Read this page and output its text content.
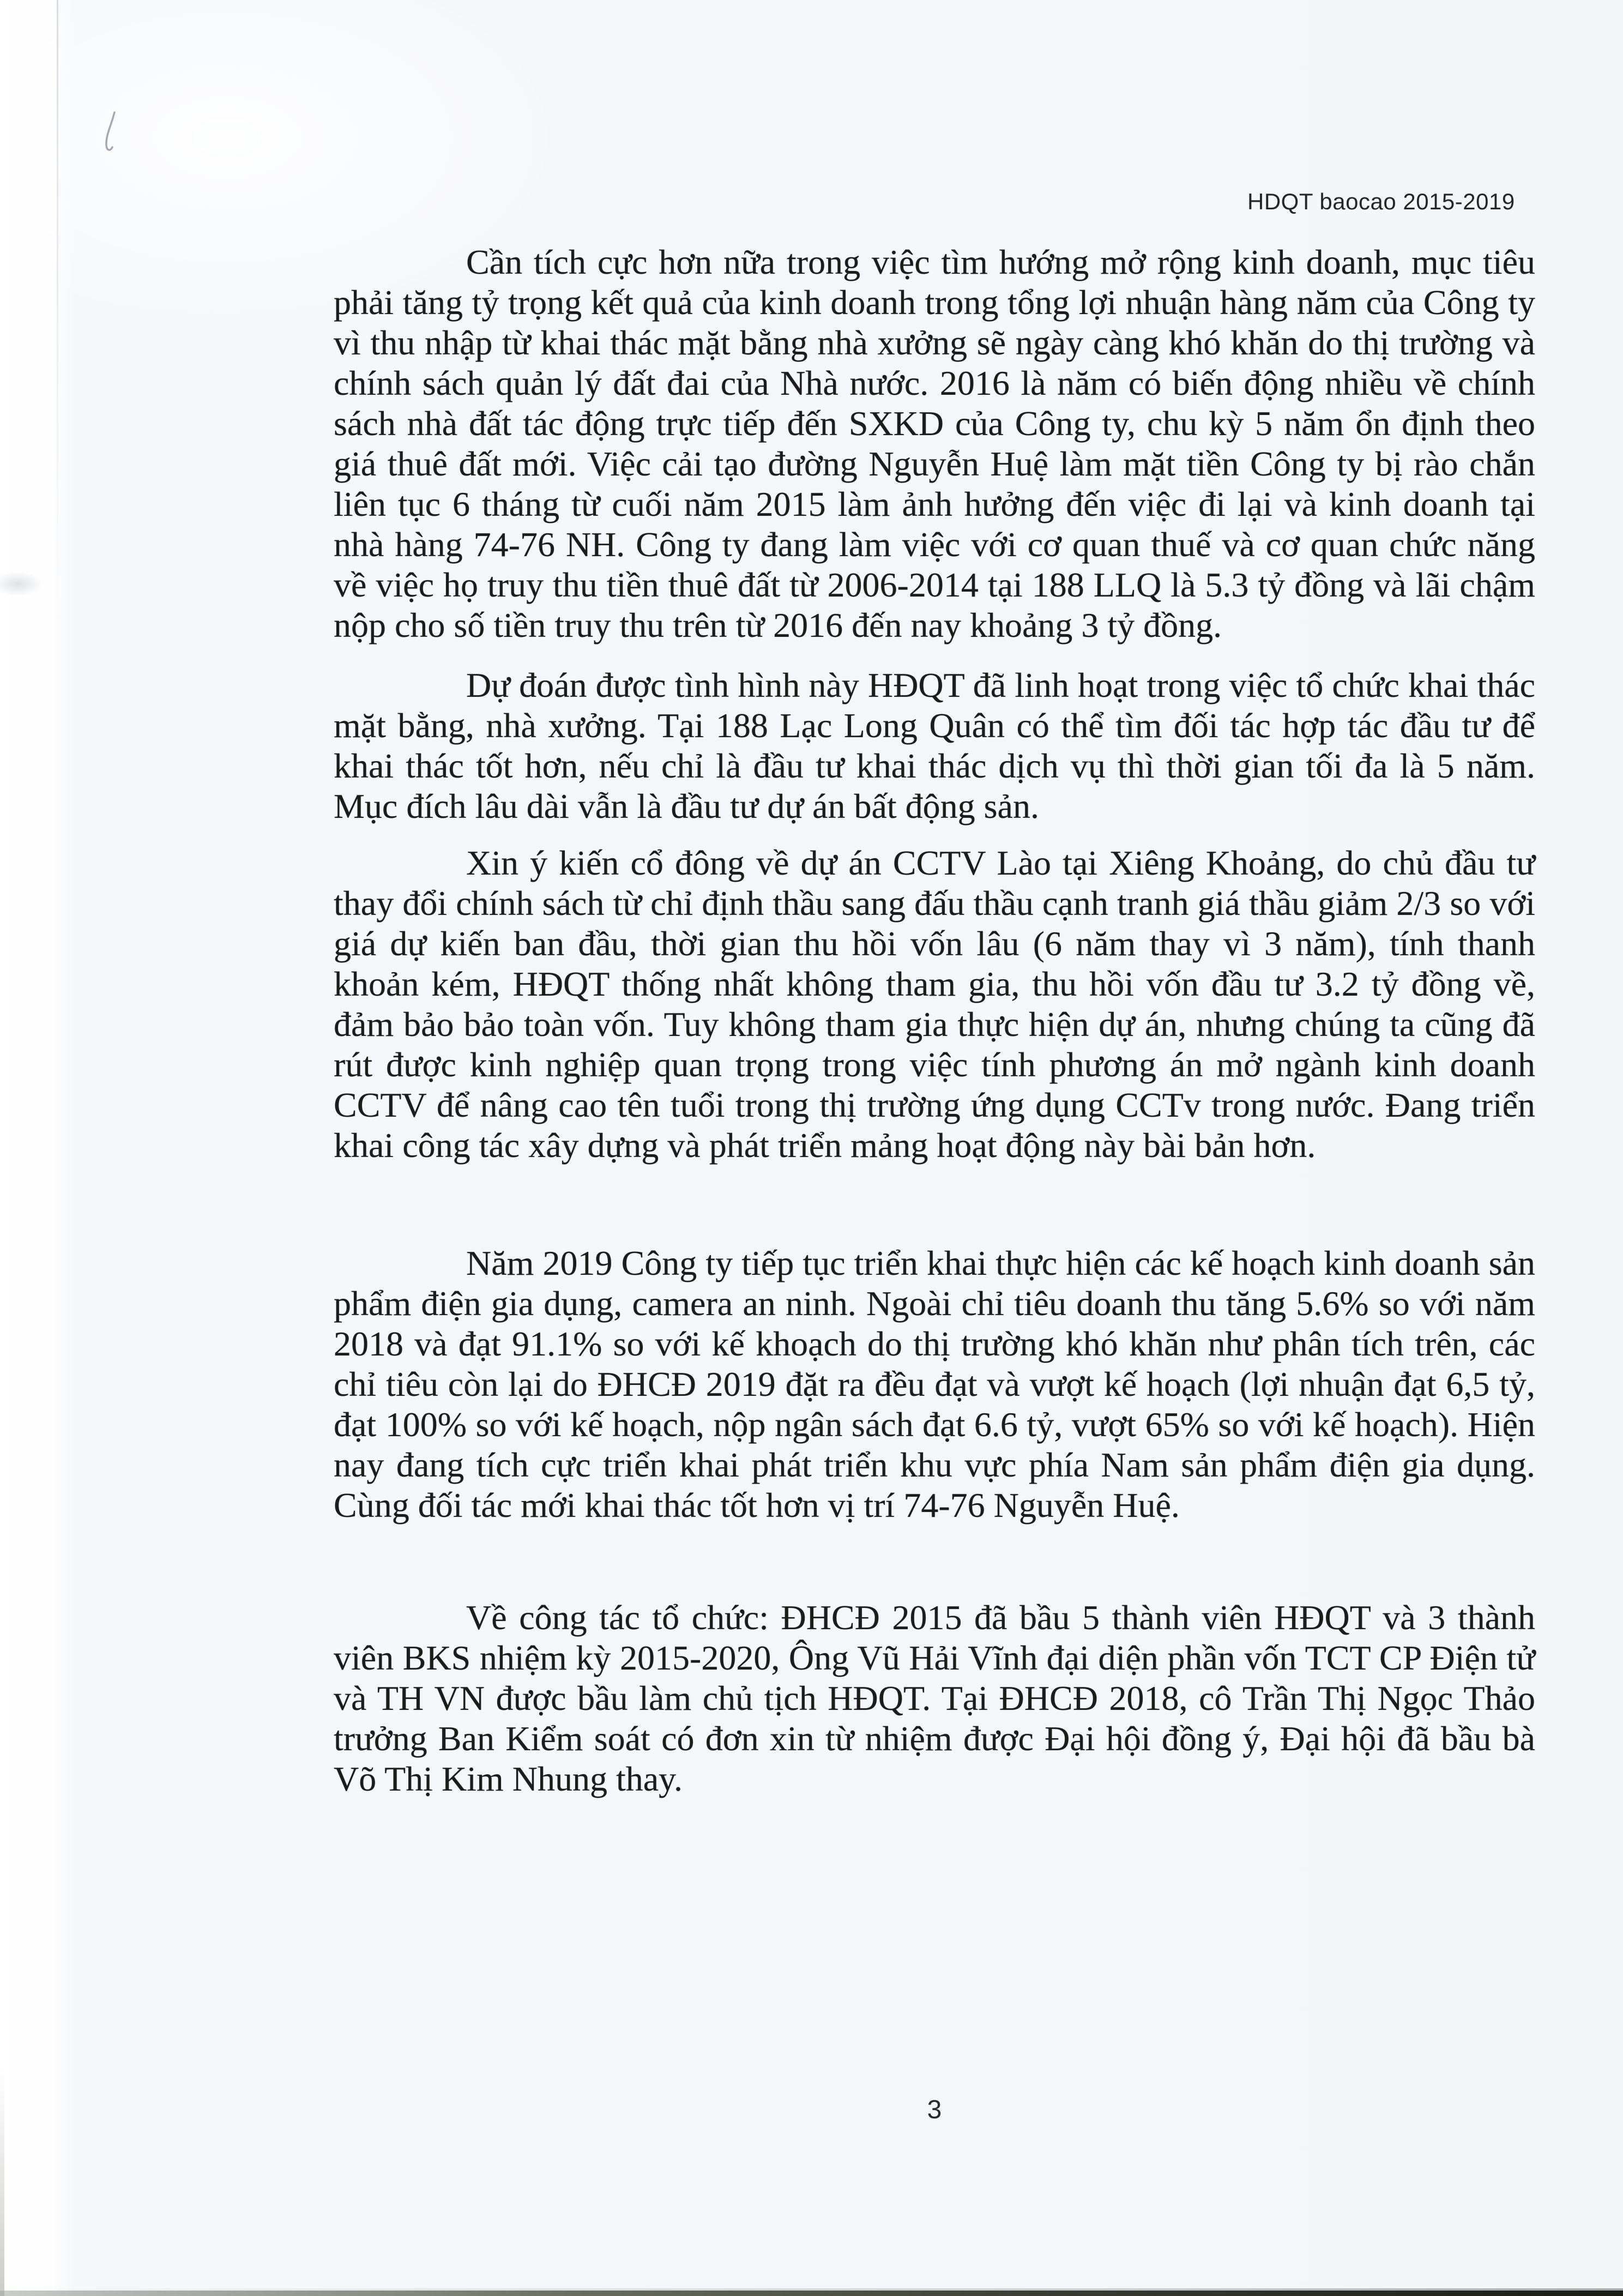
HDQT baocao 2015-2019

Cần tích cực hơn nữa trong việc tìm hướng mở rộng kinh doanh, mục tiêu phải tăng tỷ trọng kết quả của kinh doanh trong tổng lợi nhuận hàng năm của Công ty vì thu nhập từ khai thác mặt bằng nhà xưởng sẽ ngày càng khó khăn do thị trường và chính sách quản lý đất đai của Nhà nước. 2016 là năm có biến động nhiều về chính sách nhà đất tác động trực tiếp đến SXKD của Công ty, chu kỳ 5 năm ổn định theo giá thuê đất mới. Việc cải tạo đường Nguyễn Huệ làm mặt tiền Công ty bị rào chắn liên tục 6 tháng từ cuối năm 2015 làm ảnh hưởng đến việc đi lại và kinh doanh tại nhà hàng 74-76 NH. Công ty đang làm việc với cơ quan thuế và cơ quan chức năng về việc họ truy thu tiền thuê đất từ 2006-2014 tại 188 LLQ là 5.3 tỷ đồng và lãi chậm nộp cho số tiền truy thu trên từ 2016 đến nay khoảng 3 tỷ đồng.

Dự đoán được tình hình này HĐQT đã linh hoạt trong việc tổ chức khai thác mặt bằng, nhà xưởng. Tại 188 Lạc Long Quân có thể tìm đối tác hợp tác đầu tư để khai thác tốt hơn, nếu chỉ là đầu tư khai thác dịch vụ thì thời gian tối đa là 5 năm. Mục đích lâu dài vẫn là đầu tư dự án bất động sản.

Xin ý kiến cổ đông về dự án CCTV Lào tại Xiêng Khoảng, do chủ đầu tư thay đổi chính sách từ chỉ định thầu sang đấu thầu cạnh tranh giá thầu giảm 2/3 so với giá dự kiến ban đầu, thời gian thu hồi vốn lâu (6 năm thay vì 3 năm), tính thanh khoản kém, HĐQT thống nhất không tham gia, thu hồi vốn đầu tư 3.2 tỷ đồng về, đảm bảo bảo toàn vốn. Tuy không tham gia thực hiện dự án, nhưng chúng ta cũng đã rút được kinh nghiệp quan trọng trong việc tính phương án mở ngành kinh doanh CCTV để nâng cao tên tuổi trong thị trường ứng dụng CCTv trong nước. Đang triển khai công tác xây dựng và phát triển mảng hoạt động này bài bản hơn.

Năm 2019 Công ty tiếp tục triển khai thực hiện các kế hoạch kinh doanh sản phẩm điện gia dụng, camera an ninh. Ngoài chỉ tiêu doanh thu tăng 5.6% so với năm 2018 và đạt 91.1% so với kế khoạch do thị trường khó khăn như phân tích trên, các chỉ tiêu còn lại do ĐHCĐ 2019 đặt ra đều đạt và vượt kế hoạch (lợi nhuận đạt 6,5 tỷ, đạt 100% so với kế hoạch, nộp ngân sách đạt 6.6 tỷ, vượt 65% so với kế hoạch). Hiện nay đang tích cực triển khai phát triển khu vực phía Nam sản phẩm điện gia dụng. Cùng đối tác mới khai thác tốt hơn vị trí 74-76 Nguyễn Huệ.

Về công tác tổ chức: ĐHCĐ 2015 đã bầu 5 thành viên HĐQT và 3 thành viên BKS nhiệm kỳ 2015-2020, Ông Vũ Hải Vĩnh đại diện phần vốn TCT CP Điện tử và TH VN được bầu làm chủ tịch HĐQT. Tại ĐHCĐ 2018, cô Trần Thị Ngọc Thảo trưởng Ban Kiểm soát có đơn xin từ nhiệm được Đại hội đồng ý, Đại hội đã bầu bà Võ Thị Kim Nhung thay.

3
